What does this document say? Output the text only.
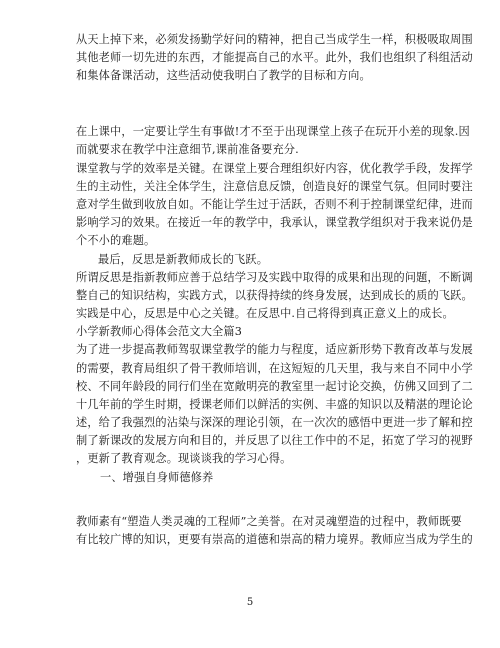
从天上掉下来，必须发扬勤学好问的精神，把自己当成学生一样，积极吸取周围
其他老师一切先进的东西，才能提高自己的水平。此外，我们也组织了科组活动
和集体备课活动，这些活动使我明白了教学的目标和方向。
在上课中，一定要让学生有事做!才不至于出现课堂上孩子在玩开小差的现象.因
而就要求在教学中注意细节,课前准备要充分.
课堂教与学的效率是关键。在课堂上要合理组织好内容，优化教学手段，发挥学
生的主动性，关注全体学生，注意信息反馈，创造良好的课堂气氛。但同时要注
意对学生做到收放自如。不能让学生过于活跃，否则不利于控制课堂纪律，进而
影响学习的效果。在接近一年的教学中，我承认，课堂教学组织对于我来说仍是
个不小的难题。
最后，反思是新教师成长的飞跃。
所谓反思是指新教师应善于总结学习及实践中取得的成果和出现的问题，不断调
整自己的知识结构，实践方式，以获得持续的终身发展，达到成长的质的飞跃。
实践是中心，反思是中心之关键。在反思中.自己将得到真正意义上的成长。
小学新教师心得体会范文大全篇3
为了进一步提高教师驾驭课堂教学的能力与程度，适应新形势下教育改革与发展
的需要，教育局组织了骨干教师培训，在这短短的几天里，我与来自不同中小学
校、不同年龄段的同行们坐在宽敞明亮的教室里一起讨论交换，仿佛又回到了二
十几年前的学生时期，授课老师们以鲜活的实例、丰盛的知识以及精湛的理论论
述，给了我强烈的沾染与深深的理论引领，在一次次的感悟中更进一步了解和控
制了新课改的发展方向和目的，并反思了以往工作中的不足，拓宽了学习的视野
，更新了教育观念。现谈谈我的学习心得。
一、增强自身师德修养
教师素有“塑造人类灵魂的工程师”之美誉。在对灵魂塑造的过程中，教师既要
有比较广博的知识，更要有崇高的道德和崇高的精力境界。教师应当成为学生的
5
